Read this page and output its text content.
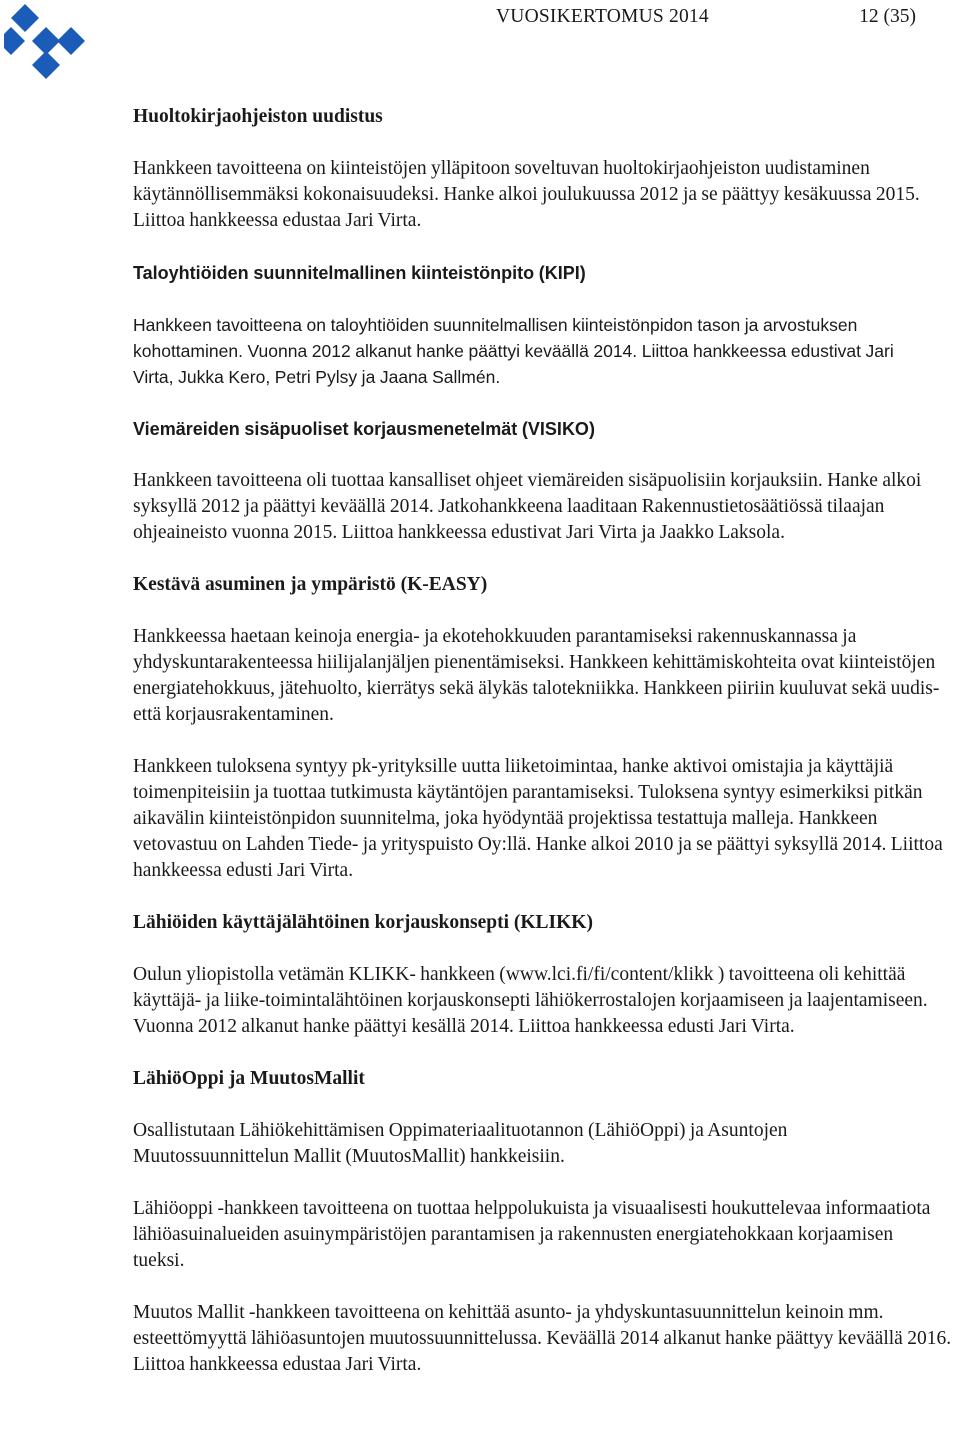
VUOSIKERTOMUS 2014	12 (35)
Huoltokirjaohjeiston uudistus

Hankkeen tavoitteena on kiinteistöjen ylläpitoon soveltuvan huoltokirjaohjeiston uudistaminen käytännöllisemmäksi kokonaisuudeksi. Hanke alkoi joulukuussa 2012 ja se päättyy kesäkuussa 2015. Liittoa hankkeessa edustaa Jari Virta.

Taloyhtiöiden suunnitelmallinen kiinteistönpito (KIPI)

Hankkeen tavoitteena on taloyhtiöiden suunnitelmallisen kiinteistönpidon tason ja arvostuksen kohottaminen. Vuonna 2012 alkanut hanke päättyi keväällä 2014. Liittoa hankkeessa edustivat Jari Virta, Jukka Kero, Petri Pylsy ja Jaana Sallmén.

Viemäreiden sisäpuoliset korjausmenetelmät (VISIKO)

Hankkeen tavoitteena oli tuottaa kansalliset ohjeet viemäreiden sisäpuolisiin korjauksiin. Hanke alkoi syksyllä 2012 ja päättyi keväällä 2014. Jatkohankkeena laaditaan Rakennustietosäätiössä tilaajan ohjeaineisto vuonna 2015. Liittoa hankkeessa edustivat Jari Virta ja Jaakko Laksola.

Kestävä asuminen ja ympäristö (K-EASY)

Hankkeessa haetaan keinoja energia- ja ekotehokkuuden parantamiseksi rakennuskannassa ja yhdyskuntarakenteessa hiilijalanjäljen pienentämiseksi. Hankkeen kehittämiskohteita ovat kiinteistöjen energiatehokkuus, jätehuolto, kierrätys sekä älykäs talotekniikka. Hankkeen piiriin kuuluvat sekä uudis- että korjausrakentaminen.

Hankkeen tuloksena syntyy pk-yrityksille uutta liiketoimintaa, hanke aktivoi omistajia ja käyttäjiä toimenpiteisiin ja tuottaa tutkimusta käytäntöjen parantamiseksi. Tuloksena syntyy esimerkiksi pitkän aikavälin kiinteistönpidon suunnitelma, joka hyödyntää projektissa testattuja malleja. Hankkeen vetovastuu on Lahden Tiede- ja yrityspuisto Oy:llä. Hanke alkoi 2010 ja se päättyi syksyllä 2014. Liittoa hankkeessa edusti Jari Virta.

Lähiöiden käyttäjälähtöinen korjauskonsepti (KLIKK)

Oulun yliopistolla vetämän KLIKK- hankkeen (www.lci.fi/fi/content/klikk ) tavoitteena oli kehittää käyttäjä- ja liike-toimintalähtöinen korjauskonsepti lähiökerrostalojen korjaamiseen ja laajentamiseen. Vuonna 2012 alkanut hanke päättyi kesällä 2014. Liittoa hankkeessa edusti Jari Virta.

LähiöOppi ja MuutosMallit

Osallistutaan Lähiökehittämisen Oppimateriaalituotannon (LähiöOppi) ja Asuntojen Muutossuunnittelun Mallit (MuutosMallit) hankkeisiin.

Lähiöoppi -hankkeen tavoitteena on tuottaa helppolukuista ja visuaalisesti houkuttelevaa informaatiota lähiöasuinalueiden asuinympäristöjen parantamisen ja rakennusten energiatehokkaan korjaamisen tueksi.

Muutos Mallit -hankkeen tavoitteena on kehittää asunto- ja yhdyskuntasuunnittelun keinoin mm. esteettömyyttä lähiöasuntojen muutossuunnittelussa. Keväällä 2014 alkanut hanke päättyy keväällä 2016. Liittoa hankkeessa edustaa Jari Virta.
